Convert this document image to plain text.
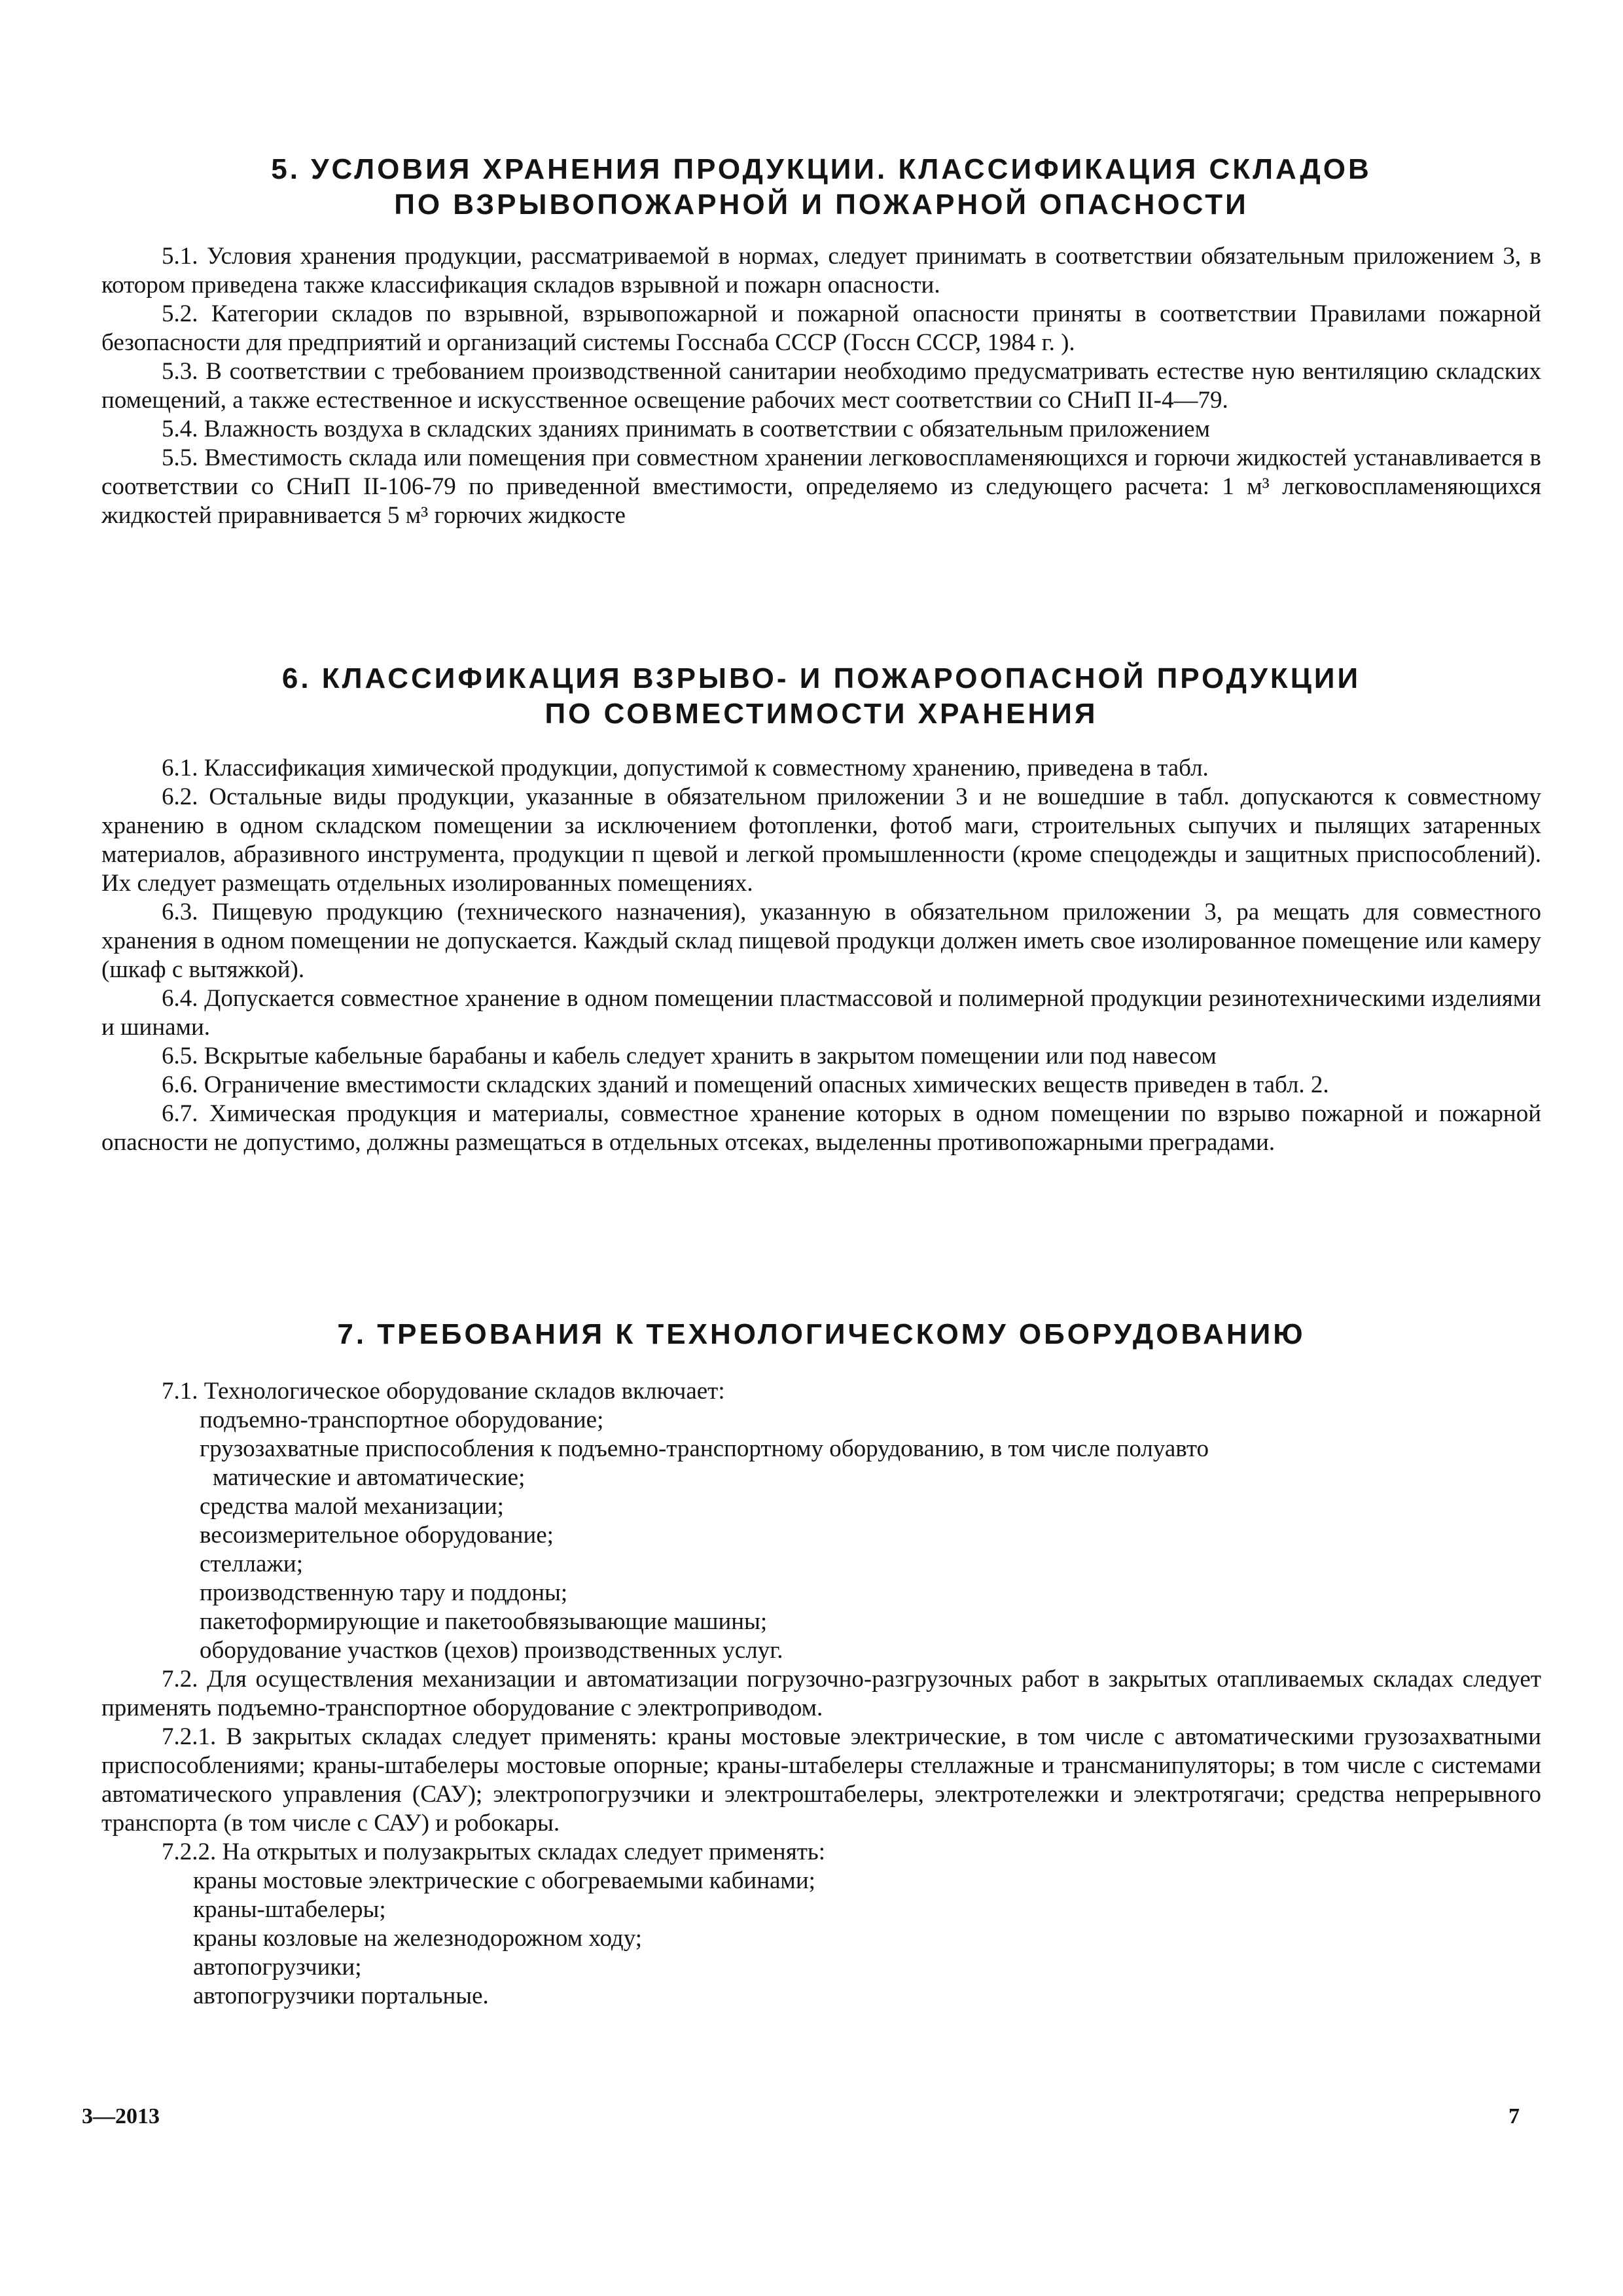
5. УСЛОВИЯ ХРАНЕНИЯ ПРОДУКЦИИ. КЛАССИФИКАЦИЯ СКЛАДОВ
ПО ВЗРЫВОПОЖАРНОЙ И ПОЖАРНОЙ ОПАСНОСТИ

5.1. Условия хранения продукции, рассматриваемой в нормах, следует принимать в соответствии обязательным приложением 3, в котором приведена также классификация складов взрывной и пожарн опасности.

5.2. Категории складов по взрывной, взрывопожарной и пожарной опасности приняты в соответствии Правилами пожарной безопасности для предприятий и организаций системы Госснаба СССР (Госсн СССР, 1984 г. ).

5.3. В соответствии с требованием производственной санитарии необходимо предусматривать естестве ную вентиляцию складских помещений, а также естественное и искусственное освещение рабочих мест соответствии со СНиП II-4—79.

5.4. Влажность воздуха в складских зданиях принимать в соответствии с обязательным приложением

5.5. Вместимость склада или помещения при совместном хранении легковоспламеняющихся и горючи жидкостей устанавливается в соответствии со СНиП II-106-79 по приведенной вместимости, определяемо из следующего расчета: 1 м³ легковоспламеняющихся жидкостей приравнивается 5 м³ горючих жидкосте

6. КЛАССИФИКАЦИЯ ВЗРЫВО- И ПОЖАРООПАСНОЙ ПРОДУКЦИИ
ПО СОВМЕСТИМОСТИ ХРАНЕНИЯ

6.1. Классификация химической продукции, допустимой к совместному хранению, приведена в табл.

6.2. Остальные виды продукции, указанные в обязательном приложении 3 и не вошедшие в табл. допускаются к совместному хранению в одном складском помещении за исключением фотопленки, фотоб маги, строительных сыпучих и пылящих затаренных материалов, абразивного инструмента, продукции п щевой и легкой промышленности (кроме спецодежды и защитных приспособлений). Их следует размещать отдельных изолированных помещениях.

6.3. Пищевую продукцию (технического назначения), указанную в обязательном приложении 3, ра мещать для совместного хранения в одном помещении не допускается. Каждый склад пищевой продукци должен иметь свое изолированное помещение или камеру (шкаф с вытяжкой).

6.4. Допускается совместное хранение в одном помещении пластмассовой и полимерной продукции резинотехническими изделиями и шинами.

6.5. Вскрытые кабельные барабаны и кабель следует хранить в закрытом помещении или под навесом

6.6. Ограничение вместимости складских зданий и помещений опасных химических веществ приведен в табл. 2.

6.7. Химическая продукция и материалы, совместное хранение которых в одном помещении по взрыво пожарной и пожарной опасности не допустимо, должны размещаться в отдельных отсеках, выделенны противопожарными преградами.

7. ТРЕБОВАНИЯ К ТЕХНОЛОГИЧЕСКОМУ ОБОРУДОВАНИЮ

7.1. Технологическое оборудование складов включает:

подъемно-транспортное оборудование;

грузозахватные приспособления к подъемно-транспортному оборудованию, в том числе полуавто

матические и автоматические;

средства малой механизации;

весоизмерительное оборудование;

стеллажи;

производственную тару и поддоны;

пакетоформирующие и пакетообвязывающие машины;

оборудование участков (цехов) производственных услуг.

7.2. Для осуществления механизации и автоматизации погрузочно-разгрузочных работ в закрытых отапливаемых складах следует применять подъемно-транспортное оборудование с электроприводом.

7.2.1. В закрытых складах следует применять: краны мостовые электрические, в том числе с автоматическими грузозахватными приспособлениями; краны-штабелеры мостовые опорные; краны-штабелеры стеллажные и трансманипуляторы; в том числе с системами автоматического управления (САУ); электропогрузчики и электроштабелеры, электротележки и электротягачи; средства непрерывного транспорта (в том числе с САУ) и робокары.

7.2.2. На открытых и полузакрытых складах следует применять:

краны мостовые электрические с обогреваемыми кабинами;

краны-штабелеры;

краны козловые на железнодорожном ходу;

автопогрузчики;

автопогрузчики портальные.

3—2013	7
